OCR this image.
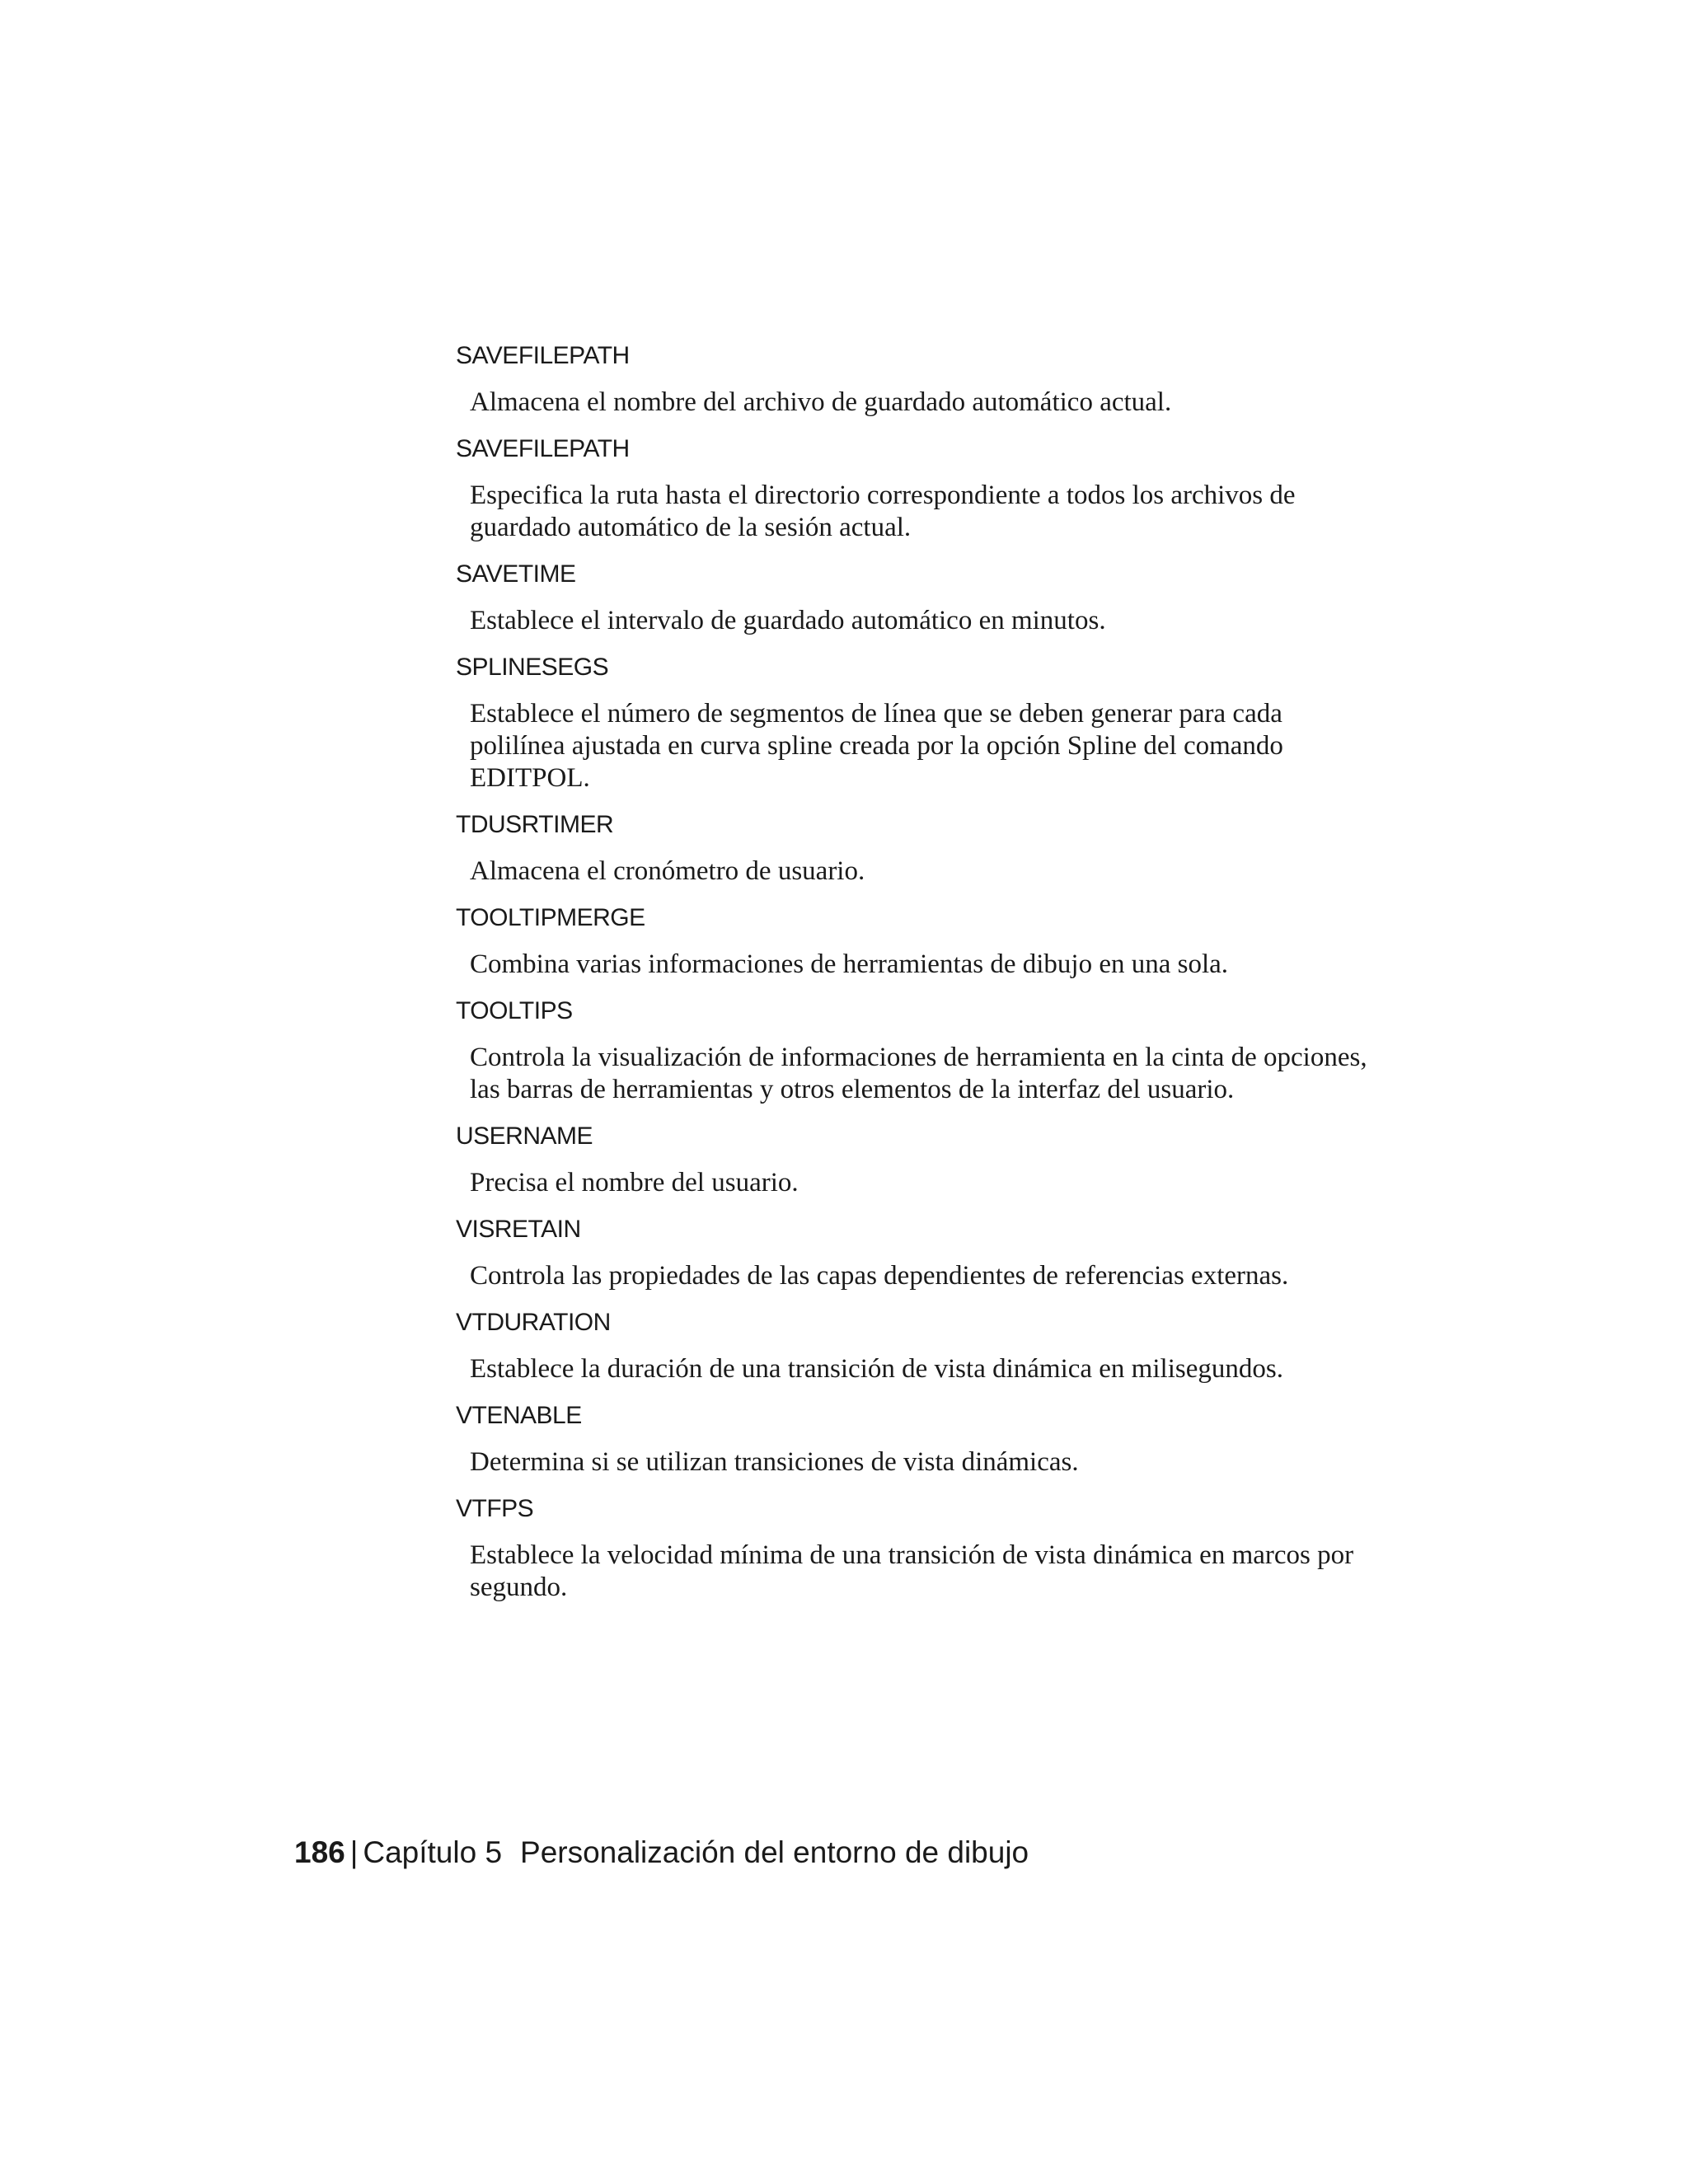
SAVEFILEPATH

Almacena el nombre del archivo de guardado automático actual.

SAVEFILEPATH

Especifica la ruta hasta el directorio correspondiente a todos los archivos de guardado automático de la sesión actual.

SAVETIME

Establece el intervalo de guardado automático en minutos.

SPLINESEGS

Establece el número de segmentos de línea que se deben generar para cada polilínea ajustada en curva spline creada por la opción Spline del comando EDITPOL.

TDUSRTIMER

Almacena el cronómetro de usuario.

TOOLTIPMERGE

Combina varias informaciones de herramientas de dibujo en una sola.

TOOLTIPS

Controla la visualización de informaciones de herramienta en la cinta de opciones, las barras de herramientas y otros elementos de la interfaz del usuario.

USERNAME

Precisa el nombre del usuario.

VISRETAIN

Controla las propiedades de las capas dependientes de referencias externas.

VTDURATION

Establece la duración de una transición de vista dinámica en milisegundos.

VTENABLE

Determina si se utilizan transiciones de vista dinámicas.

VTFPS

Establece la velocidad mínima de una transición de vista dinámica en marcos por segundo.

186 | Capítulo 5 Personalización del entorno de dibujo
